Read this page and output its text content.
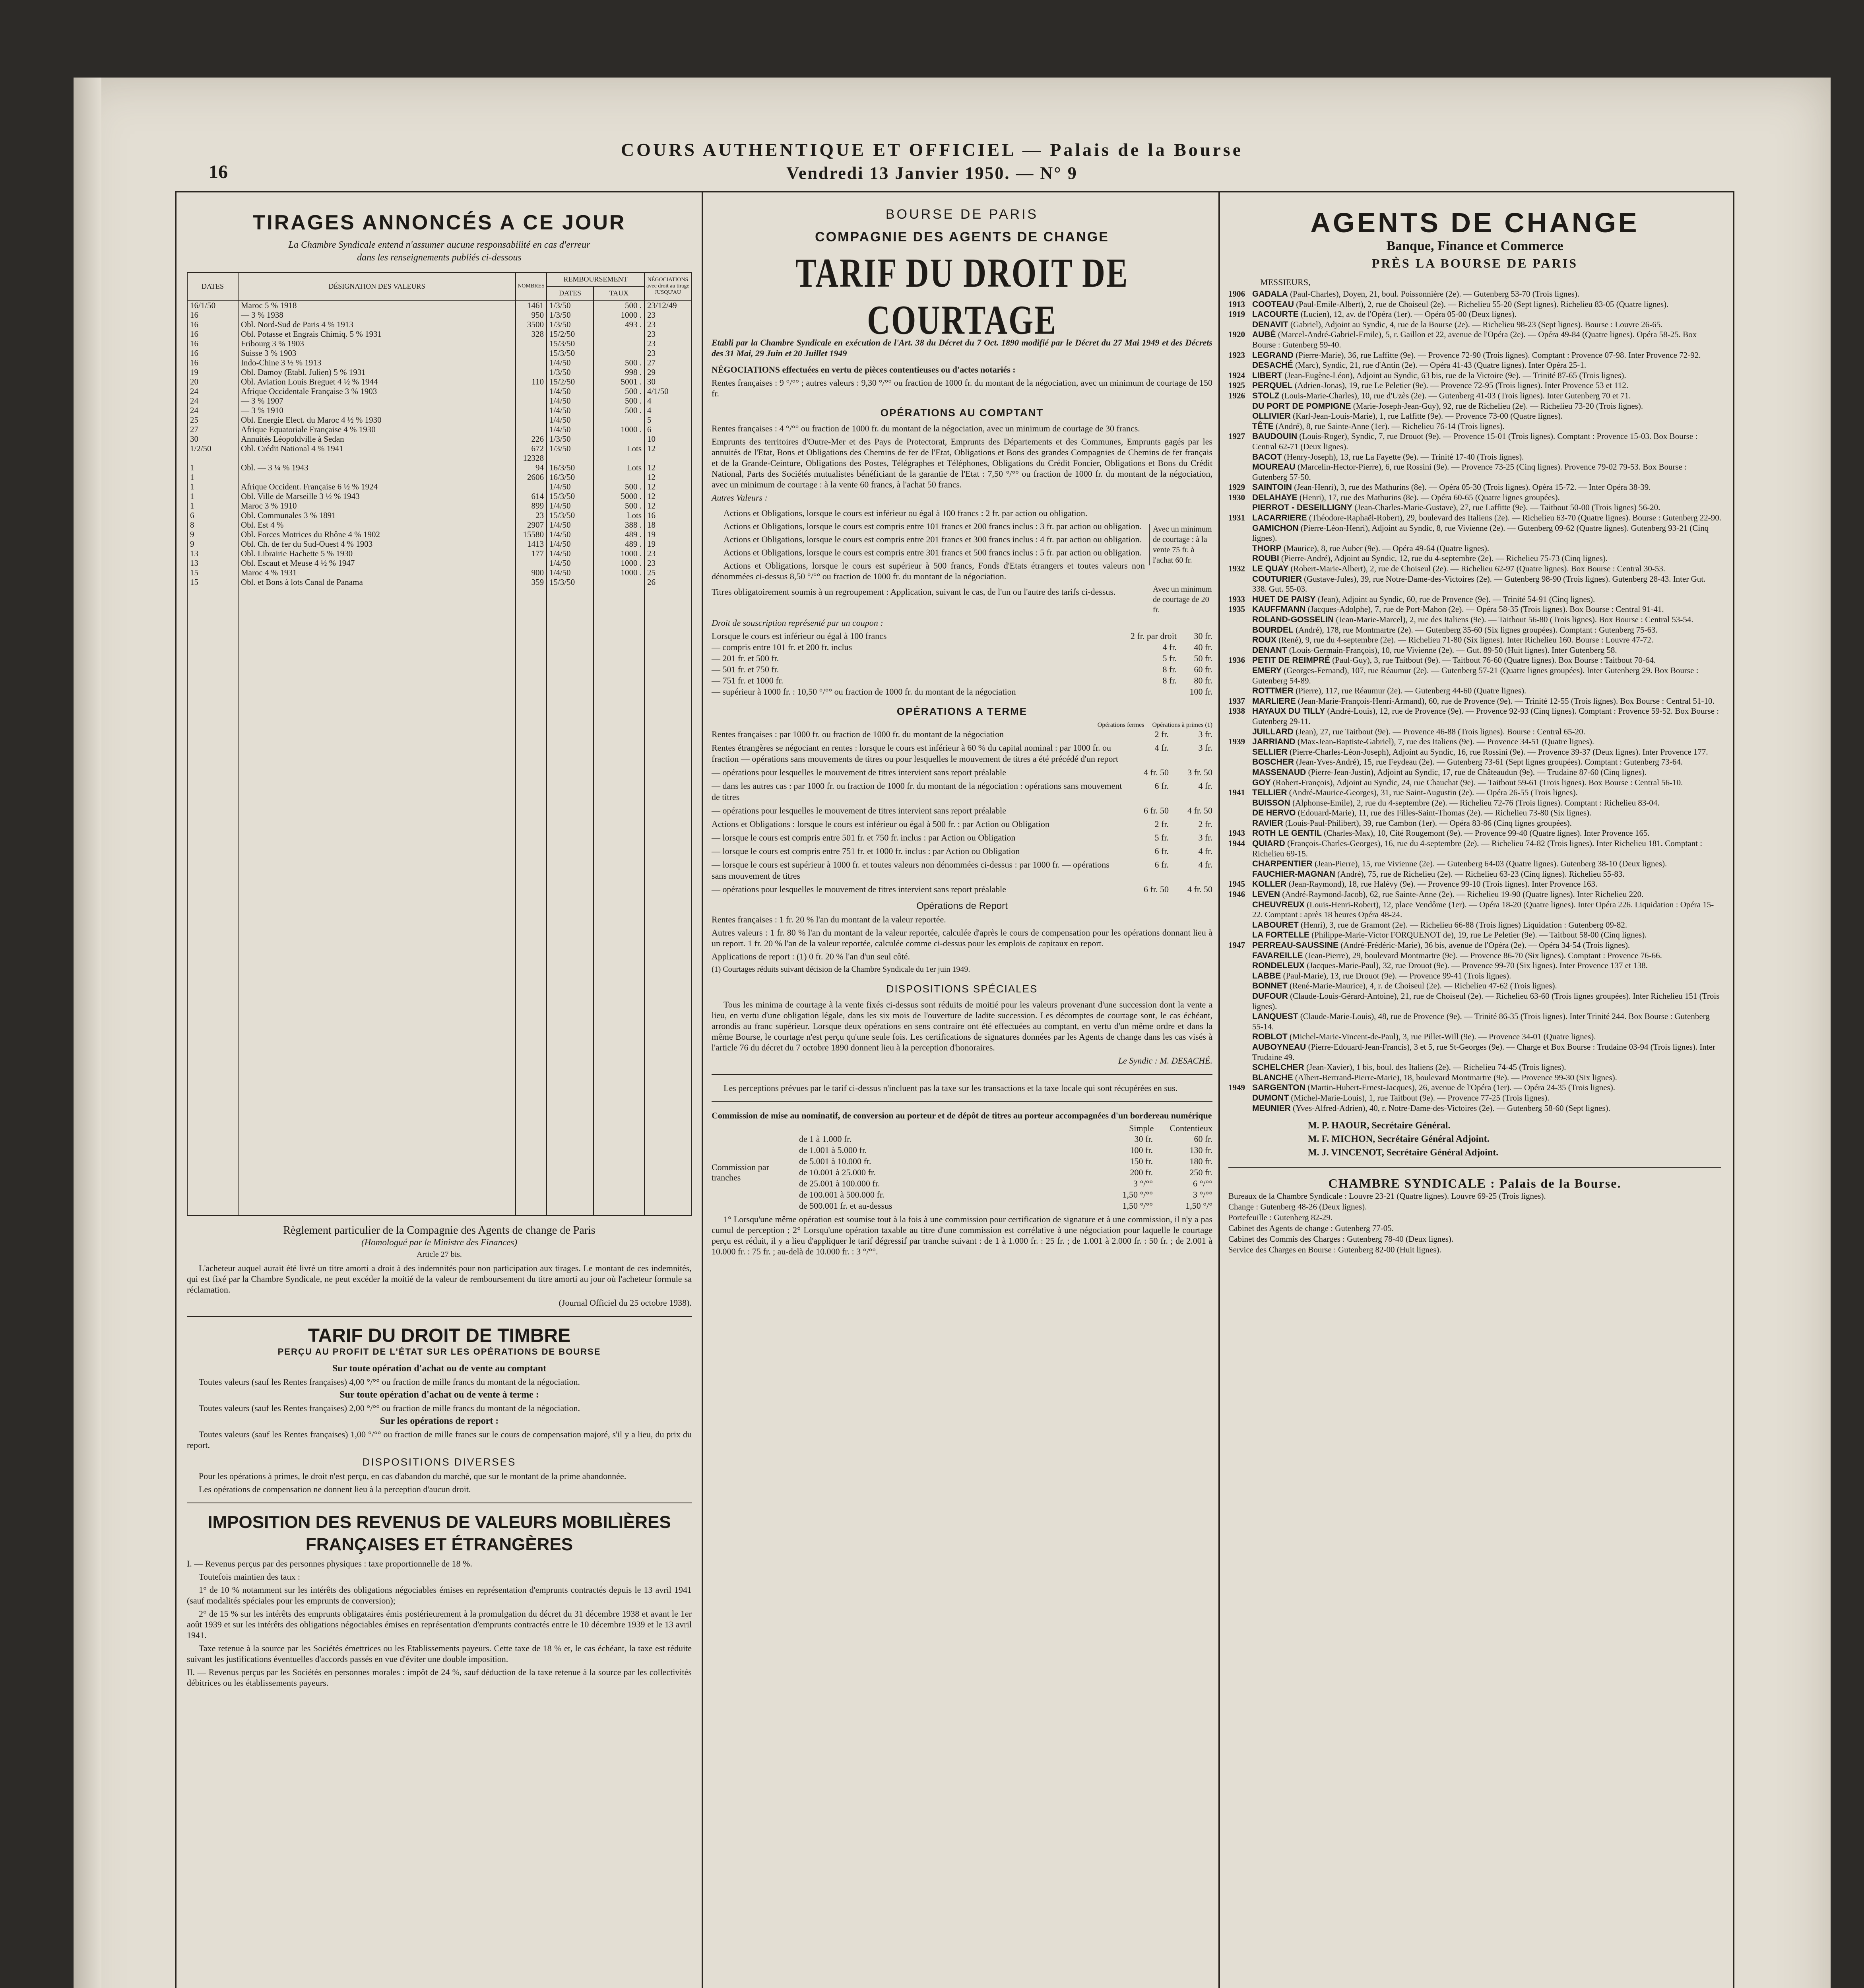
16
COURS AUTHENTIQUE ET OFFICIEL — Palais de la Bourse
Vendredi 13 Janvier 1950. — N° 9
TIRAGES ANNONCÉS A CE JOUR
La Chambre Syndicale entend n'assumer aucune responsabilité en cas d'erreur
dans les renseignements publiés ci-dessous
DATES	DÉSIGNATION DES VALEURS	NOMBRES	REMBOURSEMENT		NÉGOCIATIONS avec droit au tirage JUSQU'AU
			DATES	TAUX	
16/1/50	Maroc 5 % 1918	1461	1/3/50	500 .	23/12/49
16	— 3 % 1938	950	1/3/50	1000 .	23
16	Obl. Nord-Sud de Paris 4 % 1913	3500	1/3/50	493 .	23
16	Obl. Potasse et Engrais Chimiq. 5 % 1931	328	15/2/50		23
16	Fribourg 3 % 1903		15/3/50		23
16	Suisse 3 % 1903		15/3/50		23
16	Indo-Chine 3 ½ % 1913		1/4/50	500 .	27
19	Obl. Damoy (Etabl. Julien) 5 % 1931		1/3/50	998 .	29
20	Obl. Aviation Louis Breguet 4 ½ % 1944	110	15/2/50	5001 .	30
24	Afrique Occidentale Française 3 % 1903		1/4/50	500 .	4/1/50
24	— 3 % 1907		1/4/50	500 .	4
24	— 3 % 1910		1/4/50	500 .	4
25	Obl. Energie Elect. du Maroc 4 ½ % 1930		1/4/50		5
27	Afrique Equatoriale Française 4 % 1930		1/4/50	1000 .	6
30	Annuités Léopoldville à Sedan	226	1/3/50		10
1/2/50	Obl. Crédit National 4 % 1941	672	1/3/50	Lots	12
		12328			
1	Obl. — 3 ¼ % 1943	94	16/3/50	Lots	12
1		2606	16/3/50		12
1	Afrique Occident. Française 6 ½ % 1924		1/4/50	500 .	12
1	Obl. Ville de Marseille 3 ½ % 1943	614	15/3/50	5000 .	12
1	Maroc 3 % 1910	899	1/4/50	500 .	12
6	Obl. Communales 3 % 1891	23	15/3/50	Lots	16
8	Obl. Est 4 %	2907	1/4/50	388 .	18
9	Obl. Forces Motrices du Rhône 4 % 1902	15580	1/4/50	489 .	19
9	Obl. Ch. de fer du Sud-Ouest 4 % 1903	1413	1/4/50	489 .	19
13	Obl. Librairie Hachette 5 % 1930	177	1/4/50	1000 .	23
13	Obl. Escaut et Meuse 4 ½ % 1947		1/4/50	1000 .	23
15	Maroc 4 % 1931	900	1/4/50	1000 .	25
15	Obl. et Bons à lots Canal de Panama	359	15/3/50		26

Règlement particulier de la Compagnie des Agents de change de Paris
(Homologué par le Ministre des Finances)
Article 27 bis.
L'acheteur auquel aurait été livré un titre amorti a droit à des indemnités pour non participation aux tirages. Le montant de ces indemnités, qui est fixé par la Chambre Syndicale, ne peut excéder la moitié de la valeur de remboursement du titre amorti au jour où l'acheteur formule sa réclamation.
(Journal Officiel du 25 octobre 1938).
TARIF DU DROIT DE TIMBRE
PERÇU AU PROFIT DE L'ÉTAT SUR LES OPÉRATIONS DE BOURSE
Sur toute opération d'achat ou de vente au comptant
Toutes valeurs (sauf les Rentes françaises) 4,00 °/°° ou fraction de mille francs du montant de la négociation.
Sur toute opération d'achat ou de vente à terme :
Toutes valeurs (sauf les Rentes françaises) 2,00 °/°° ou fraction de mille francs du montant de la négociation.
Sur les opérations de report :
Toutes valeurs (sauf les Rentes françaises) 1,00 °/°° ou fraction de mille francs sur le cours de compensation majoré, s'il y a lieu, du prix du report.
DISPOSITIONS DIVERSES
Pour les opérations à primes, le droit n'est perçu, en cas d'abandon du marché, que sur le montant de la prime abandonnée.
Les opérations de compensation ne donnent lieu à la perception d'aucun droit.
IMPOSITION DES REVENUS DE VALEURS MOBILIÈRES
FRANÇAISES ET ÉTRANGÈRES
I. — Revenus perçus par des personnes physiques : taxe proportionnelle de 18 %.
Toutefois maintien des taux :
1° de 10 % notamment sur les intérêts des obligations négociables émises en représentation d'emprunts contractés depuis le 13 avril 1941 (sauf modalités spéciales pour les emprunts de conversion);
2° de 15 % sur les intérêts des emprunts obligataires émis postérieurement à la promulgation du décret du 31 décembre 1938 et avant le 1er août 1939 et sur les intérêts des obligations négociables émises en représentation d'emprunts contractés entre le 10 décembre 1939 et le 13 avril 1941.
Taxe retenue à la source par les Sociétés émettrices ou les Etablissements payeurs. Cette taxe de 18 % et, le cas échéant, la taxe est réduite suivant les justifications éventuelles d'accords passés en vue d'éviter une double imposition.
II. — Revenus perçus par les Sociétés en personnes morales : impôt de 24 %, sauf déduction de la taxe retenue à la source par les collectivités débitrices ou les établissements payeurs.
BOURSE DE PARIS
COMPAGNIE DES AGENTS DE CHANGE
TARIF DU DROIT DE COURTAGE
Etabli par la Chambre Syndicale en exécution de l'Art. 38 du Décret du 7 Oct. 1890 modifié par le Décret du 27 Mai 1949 et des Décrets des 31 Mai, 29 Juin et 20 Juillet 1949
NÉGOCIATIONS effectuées en vertu de pièces contentieuses ou d'actes notariés :
Rentes françaises : 9 °/°° ; autres valeurs : 9,30 °/°° ou fraction de 1000 fr. du montant de la négociation, avec un minimum de courtage de 150 fr.
OPÉRATIONS AU COMPTANT
Rentes françaises : 4 °/°° ou fraction de 1000 fr. du montant de la négociation, avec un minimum de courtage de 30 francs.
Emprunts des territoires d'Outre-Mer et des Pays de Protectorat, Emprunts des Départements et des Communes, Emprunts gagés par les annuités de l'Etat, Bons et Obligations des Chemins de fer de l'Etat, Obligations et Bons des grandes Compagnies de Chemins de fer français et de la Grande-Ceinture, Obligations des Postes, Télégraphes et Téléphones, Obligations du Crédit Foncier, Obligations et Bons du Crédit National, Parts des Sociétés mutualistes bénéficiant de la garantie de l'Etat : 7,50 °/°° ou fraction de 1000 fr. du montant de la négociation, avec un minimum de courtage : à la vente 60 francs, à l'achat 50 francs.
Autres Valeurs :
Actions et Obligations, lorsque le cours est inférieur ou égal à 100 francs : 2 fr. par action ou obligation.
Actions et Obligations, lorsque le cours est compris entre 101 francs et 200 francs inclus : 3 fr. par action ou obligation.
Actions et Obligations, lorsque le cours est compris entre 201 francs et 300 francs inclus : 4 fr. par action ou obligation.
Actions et Obligations, lorsque le cours est compris entre 301 francs et 500 francs inclus : 5 fr. par action ou obligation.
Actions et Obligations, lorsque le cours est supérieur à 500 francs, Fonds d'Etats étrangers et toutes valeurs non dénommées ci-dessus 8,50 °/°° ou fraction de 1000 fr. du montant de la négociation.
Avec un minimum de courtage : à la vente 75 fr. à l'achat 60 fr.
Titres obligatoirement soumis à un regroupement : Application, suivant le cas, de l'un ou l'autre des tarifs ci-dessus.	Avec un minimum de courtage de 20 fr.
Droit de souscription représenté par un coupon :
Lorsque le cours est inférieur ou égal à 100 francs	2 fr. par droit	30 fr.
— compris entre 101 fr. et 200 fr. inclus	4 fr.	40 fr.
— 201 fr. et 500 fr.	5 fr.	50 fr.
— 501 fr. et 750 fr.	8 fr.	60 fr.
— 751 fr. et 1000 fr.	8 fr.	80 fr.
— supérieur à 1000 fr. : 10,50 °/°° ou fraction de 1000 fr. du montant de la négociation	100 fr.
OPÉRATIONS A TERME
Opérations fermes Opérations à primes (1)
Rentes françaises : par 1000 fr. ou fraction de 1000 fr. du montant de la négociation	2 fr.	3 fr.
Rentes étrangères se négociant en rentes : lorsque le cours est inférieur à 60 % du capital nominal : par 1000 fr. ou fraction — opérations sans mouvements de titres ou pour lesquelles le mouvement de titres a été précédé d'un report
4 fr.	3 fr.
— opérations pour lesquelles le mouvement de titres intervient sans report préalable	4 fr. 50	3 fr. 50
— dans les autres cas : par 1000 fr. ou fraction de 1000 fr. du montant de la négociation : opérations sans mouvement de titres
6 fr.	4 fr.
— opérations pour lesquelles le mouvement de titres intervient sans report préalable	6 fr. 50	4 fr. 50
Actions et Obligations : lorsque le cours est inférieur ou égal à 500 fr. : par Action ou Obligation	2 fr.	2 fr.
— lorsque le cours est compris entre 501 fr. et 750 fr. inclus : par Action ou Obligation	5 fr.	3 fr.
— lorsque le cours est compris entre 751 fr. et 1000 fr. inclus : par Action ou Obligation	6 fr.	4 fr.
— lorsque le cours est supérieur à 1000 fr. et toutes valeurs non dénommées ci-dessus : par 1000 fr. — opérations sans mouvement de titres
6 fr.	4 fr.
— opérations pour lesquelles le mouvement de titres intervient sans report préalable	6 fr. 50	4 fr. 50
Opérations de Report
Rentes françaises : 1 fr. 20 % l'an du montant de la valeur reportée.
Autres valeurs : 1 fr. 80 % l'an du montant de la valeur reportée, calculée d'après le cours de compensation pour les opérations donnant lieu à un report. 1 fr. 20 % l'an de la valeur reportée, calculée comme ci-dessus pour les emplois de capitaux en report.
Applications de report : (1) 0 fr. 20 % l'an d'un seul côté.
(1) Courtages réduits suivant décision de la Chambre Syndicale du 1er juin 1949.
DISPOSITIONS SPÉCIALES
Tous les minima de courtage à la vente fixés ci-dessus sont réduits de moitié pour les valeurs provenant d'une succession dont la vente a lieu, en vertu d'une obligation légale, dans les six mois de l'ouverture de ladite succession. Les décomptes de courtage sont, le cas échéant, arrondis au franc supérieur. Lorsque deux opérations en sens contraire ont été effectuées au comptant, en vertu d'un même ordre et dans la même Bourse, le courtage n'est perçu qu'une seule fois. Les certifications de signatures données par les Agents de change dans les cas visés à l'article 76 du décret du 7 octobre 1890 donnent lieu à la perception d'honoraires.
Le Syndic : M. DESACHÉ.
Les perceptions prévues par le tarif ci-dessus n'incluent pas la taxe sur les transactions et la taxe locale qui sont récupérées en sus.
Commission de mise au nominatif, de conversion au porteur et de dépôt de titres au porteur accompagnées d'un bordereau numérique
Simple Contentieux
Commission par tranches
de 1 à 1.000 fr.	30 fr.	60 fr.
de 1.001 à 5.000 fr.	100 fr.	130 fr.
de 5.001 à 10.000 fr.	150 fr.	180 fr.
de 10.001 à 25.000 fr.	200 fr.	250 fr.
de 25.001 à 100.000 fr.	3 °/°°	6 °/°°
de 100.001 à 500.000 fr.	1,50 °/°°	3 °/°°
de 500.001 fr. et au-dessus	1,50 °/°°	1,50 °/°
1° Lorsqu'une même opération est soumise tout à la fois à une commission pour certification de signature et à une commission, il n'y a pas cumul de perception ; 2° Lorsqu'une opération taxable au titre d'une commission est corrélative à une négociation pour laquelle le courtage perçu est réduit, il y a lieu d'appliquer le tarif dégressif par tranche suivant : de 1 à 1.000 fr. : 25 fr. ; de 1.001 à 2.000 fr. : 50 fr. ; de 2.001 à 10.000 fr. : 75 fr. ; au-delà de 10.000 fr. : 3 °/°°.
AGENTS DE CHANGE
Banque, Finance et Commerce
PRÈS LA BOURSE DE PARIS
MESSIEURS,
1906 GADALA (Paul-Charles), Doyen, 21, boul. Poissonnière (2e). — Gutenberg 53-70 (Trois lignes).
1913 COOTEAU (Paul-Emile-Albert), 2, rue de Choiseul (2e). — Richelieu 55-20 (Sept lignes). Richelieu 83-05 (Quatre lignes).
1919 LACOURTE (Lucien), 12, av. de l'Opéra (1er). — Opéra 05-00 (Deux lignes).
DENAVIT (Gabriel), Adjoint au Syndic, 4, rue de la Bourse (2e). — Richelieu 98-23 (Sept lignes). Bourse : Louvre 26-65.
1920 AUBÉ (Marcel-André-Gabriel-Emile), 5, r. Gaillon et 22, avenue de l'Opéra (2e). — Opéra 49-84 (Quatre lignes). Opéra 58-25. Box Bourse : Gutenberg 59-40.
1923 LEGRAND (Pierre-Marie), 36, rue Laffitte (9e). — Provence 72-90 (Trois lignes). Comptant : Provence 07-98. Inter Provence 72-92.
DESACHÉ (Marc), Syndic, 21, rue d'Antin (2e). — Opéra 41-43 (Quatre lignes). Inter Opéra 25-1.
1924 LIBERT (Jean-Eugène-Léon), Adjoint au Syndic, 63 bis, rue de la Victoire (9e). — Trinité 87-65 (Trois lignes).
1925 PERQUEL (Adrien-Jonas), 19, rue Le Peletier (9e). — Provence 72-95 (Trois lignes). Inter Provence 53 et 112.
1926 STOLZ (Louis-Marie-Charles), 10, rue d'Uzès (2e). — Gutenberg 41-03 (Trois lignes). Inter Gutenberg 70 et 71.
DU PORT DE POMPIGNE (Marie-Joseph-Jean-Guy), 92, rue de Richelieu (2e). — Richelieu 73-20 (Trois lignes).
OLLIVIER (Karl-Jean-Louis-Marie), 1, rue Laffitte (9e). — Provence 73-00 (Quatre lignes).
TÊTE (André), 8, rue Sainte-Anne (1er). — Richelieu 76-14 (Trois lignes).
1927 BAUDOUIN (Louis-Roger), Syndic, 7, rue Drouot (9e). — Provence 15-01 (Trois lignes). Comptant : Provence 15-03. Box Bourse : Central 62-71 (Deux lignes).
BACOT (Henry-Joseph), 13, rue La Fayette (9e). — Trinité 17-40 (Trois lignes).
MOUREAU (Marcelin-Hector-Pierre), 6, rue Rossini (9e). — Provence 73-25 (Cinq lignes). Provence 79-02 79-53. Box Bourse : Gutenberg 57-50.
1929 SAINTOIN (Jean-Henri), 3, rue des Mathurins (8e). — Opéra 05-30 (Trois lignes). Opéra 15-72. — Inter Opéra 38-39.
1930 DELAHAYE (Henri), 17, rue des Mathurins (8e). — Opéra 60-65 (Quatre lignes groupées).
PIERROT - DESEILLIGNY (Jean-Charles-Marie-Gustave), 27, rue Laffitte (9e). — Taitbout 50-00 (Trois lignes) 56-20.
1931 LACARRIERE (Théodore-Raphaël-Robert), 29, boulevard des Italiens (2e). — Richelieu 63-70 (Quatre lignes). Bourse : Gutenberg 22-90.
GAMICHON (Pierre-Léon-Henri), Adjoint au Syndic, 8, rue Vivienne (2e). — Gutenberg 09-62 (Quatre lignes). Gutenberg 93-21 (Cinq lignes).
THORP (Maurice), 8, rue Auber (9e). — Opéra 49-64 (Quatre lignes).
ROUBI (Pierre-André), Adjoint au Syndic, 12, rue du 4-septembre (2e). — Richelieu 75-73 (Cinq lignes).
1932 LE QUAY (Robert-Marie-Albert), 2, rue de Choiseul (2e). — Richelieu 62-97 (Quatre lignes). Box Bourse : Central 30-53.
COUTURIER (Gustave-Jules), 39, rue Notre-Dame-des-Victoires (2e). — Gutenberg 98-90 (Trois lignes). Gutenberg 28-43. Inter Gut. 338. Gut. 55-03.
1933 HUET DE PAISY (Jean), Adjoint au Syndic, 60, rue de Provence (9e). — Trinité 54-91 (Cinq lignes).
1935 KAUFFMANN (Jacques-Adolphe), 7, rue de Port-Mahon (2e). — Opéra 58-35 (Trois lignes). Box Bourse : Central 91-41.
ROLAND-GOSSELIN (Jean-Marie-Marcel), 2, rue des Italiens (9e). — Taitbout 56-80 (Trois lignes). Box Bourse : Central 53-54.
BOURDEL (André), 178, rue Montmartre (2e). — Gutenberg 35-60 (Six lignes groupées). Comptant : Gutenberg 75-63.
ROUX (René), 9, rue du 4-septembre (2e). — Richelieu 71-80 (Six lignes). Inter Richelieu 160. Bourse : Louvre 47-72.
DENANT (Louis-Germain-François), 10, rue Vivienne (2e). — Gut. 89-50 (Huit lignes). Inter Gutenberg 58.
1936 PETIT DE REIMPRÉ (Paul-Guy), 3, rue Taitbout (9e). — Taitbout 76-60 (Quatre lignes). Box Bourse : Taitbout 70-64.
EMERY (Georges-Fernand), 107, rue Réaumur (2e). — Gutenberg 57-21 (Quatre lignes groupées). Inter Gutenberg 29. Box Bourse : Gutenberg 54-89.
ROTTMER (Pierre), 117, rue Réaumur (2e). — Gutenberg 44-60 (Quatre lignes).
1937 MARLIERE (Jean-Marie-François-Henri-Armand), 60, rue de Provence (9e). — Trinité 12-55 (Trois lignes). Box Bourse : Central 51-10.
1938 HAYAUX DU TILLY (André-Louis), 12, rue de Provence (9e). — Provence 92-93 (Cinq lignes). Comptant : Provence 59-52. Box Bourse : Gutenberg 29-11.
JUILLARD (Jean), 27, rue Taitbout (9e). — Provence 46-88 (Trois lignes). Bourse : Central 65-20.
1939 JARRIAND (Max-Jean-Baptiste-Gabriel), 7, rue des Italiens (9e). — Provence 34-51 (Quatre lignes).
SELLIER (Pierre-Charles-Léon-Joseph), Adjoint au Syndic, 16, rue Rossini (9e). — Provence 39-37 (Deux lignes). Inter Provence 177.
BOSCHER (Jean-Yves-André), 15, rue Feydeau (2e). — Gutenberg 73-61 (Sept lignes groupées). Comptant : Gutenberg 73-64.
MASSENAUD (Pierre-Jean-Justin), Adjoint au Syndic, 17, rue de Châteaudun (9e). — Trudaine 87-60 (Cinq lignes).
GOY (Robert-François), Adjoint au Syndic, 24, rue Chauchat (9e). — Taitbout 59-61 (Trois lignes). Box Bourse : Central 56-10.
1941 TELLIER (André-Maurice-Georges), 31, rue Saint-Augustin (2e). — Opéra 26-55 (Trois lignes).
BUISSON (Alphonse-Emile), 2, rue du 4-septembre (2e). — Richelieu 72-76 (Trois lignes). Comptant : Richelieu 83-04.
DE HERVO (Edouard-Marie), 11, rue des Filles-Saint-Thomas (2e). — Richelieu 73-80 (Six lignes).
RAVIER (Louis-Paul-Philibert), 39, rue Cambon (1er). — Opéra 83-86 (Cinq lignes groupées).
1943 ROTH LE GENTIL (Charles-Max), 10, Cité Rougemont (9e). — Provence 99-40 (Quatre lignes). Inter Provence 165.
1944 QUIARD (François-Charles-Georges), 16, rue du 4-septembre (2e). — Richelieu 74-82 (Trois lignes). Inter Richelieu 181. Comptant : Richelieu 69-15.
CHARPENTIER (Jean-Pierre), 15, rue Vivienne (2e). — Gutenberg 64-03 (Quatre lignes). Gutenberg 38-10 (Deux lignes).
FAUCHIER-MAGNAN (André), 75, rue de Richelieu (2e). — Richelieu 63-23 (Cinq lignes). Richelieu 55-83.
1945 KOLLER (Jean-Raymond), 18, rue Halévy (9e). — Provence 99-10 (Trois lignes). Inter Provence 163.
1946 LEVEN (André-Raymond-Jacob), 62, rue Sainte-Anne (2e). — Richelieu 19-90 (Quatre lignes). Inter Richelieu 220.
CHEUVREUX (Louis-Henri-Robert), 12, place Vendôme (1er). — Opéra 18-20 (Quatre lignes). Inter Opéra 226. Liquidation : Opéra 15-22. Comptant : après 18 heures Opéra 48-24.
LABOURET (Henri), 3, rue de Gramont (2e). — Richelieu 66-88 (Trois lignes) Liquidation : Gutenberg 09-82.
LA FORTELLE (Philippe-Marie-Victor FORQUENOT de), 19, rue Le Peletier (9e). — Taitbout 58-00 (Cinq lignes).
1947 PERREAU-SAUSSINE (André-Frédéric-Marie), 36 bis, avenue de l'Opéra (2e). — Opéra 34-54 (Trois lignes).
FAVAREILLE (Jean-Pierre), 29, boulevard Montmartre (9e). — Provence 86-70 (Six lignes). Comptant : Provence 76-66.
RONDELEUX (Jacques-Marie-Paul), 32, rue Drouot (9e). — Provence 99-70 (Six lignes). Inter Provence 137 et 138.
LABBE (Paul-Marie), 13, rue Drouot (9e). — Provence 99-41 (Trois lignes).
BONNET (René-Marie-Maurice), 4, r. de Choiseul (2e). — Richelieu 47-62 (Trois lignes).
DUFOUR (Claude-Louis-Gérard-Antoine), 21, rue de Choiseul (2e). — Richelieu 63-60 (Trois lignes groupées). Inter Richelieu 151 (Trois lignes).
LANQUEST (Claude-Marie-Louis), 48, rue de Provence (9e). — Trinité 86-35 (Trois lignes). Inter Trinité 244. Box Bourse : Gutenberg 55-14.
ROBLOT (Michel-Marie-Vincent-de-Paul), 3, rue Pillet-Will (9e). — Provence 34-01 (Quatre lignes).
AUBOYNEAU (Pierre-Edouard-Jean-Francis), 3 et 5, rue St-Georges (9e). — Charge et Box Bourse : Trudaine 03-94 (Trois lignes). Inter Trudaine 49.
SCHELCHER (Jean-Xavier), 1 bis, boul. des Italiens (2e). — Richelieu 74-45 (Trois lignes).
BLANCHE (Albert-Bertrand-Pierre-Marie), 18, boulevard Montmartre (9e). — Provence 99-30 (Six lignes).
1949 SARGENTON (Martin-Hubert-Ernest-Jacques), 26, avenue de l'Opéra (1er). — Opéra 24-35 (Trois lignes).
DUMONT (Michel-Marie-Louis), 1, rue Taitbout (9e). — Provence 77-25 (Trois lignes).
MEUNIER (Yves-Alfred-Adrien), 40, r. Notre-Dame-des-Victoires (2e). — Gutenberg 58-60 (Sept lignes).
M. P. HAOUR, Secrétaire Général.
M. F. MICHON, Secrétaire Général Adjoint.
M. J. VINCENOT, Secrétaire Général Adjoint.
CHAMBRE SYNDICALE : Palais de la Bourse.
Bureaux de la Chambre Syndicale : Louvre 23-21 (Quatre lignes). Louvre 69-25 (Trois lignes).
Change : Gutenberg 48-26 (Deux lignes).
Portefeuille : Gutenberg 82-29.
Cabinet des Agents de change : Gutenberg 77-05.
Cabinet des Commis des Charges : Gutenberg 78-40 (Deux lignes).
Service des Charges en Bourse : Gutenberg 82-00 (Huit lignes).
